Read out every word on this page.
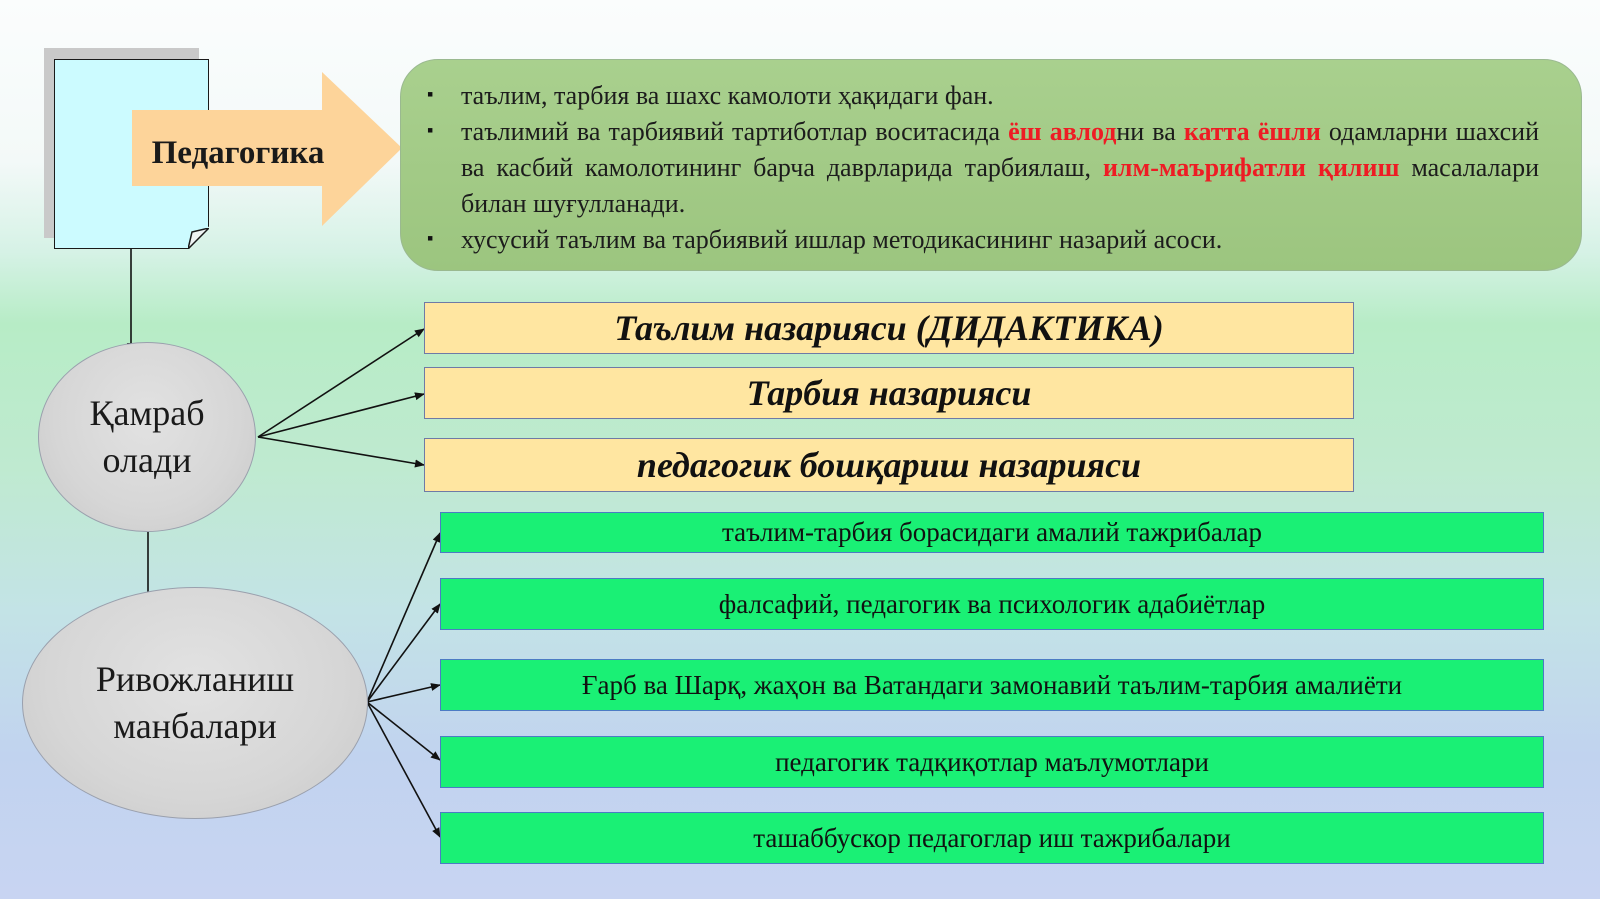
Педагогика
▪ таълим, тарбия ва шахс камолоти ҳақидаги фан.
▪ таълимий ва тарбиявий тартиботлар воситасида ёш авлодни ва катта ёшли одамларни шахсий ва касбий камолотининг барча даврларида тарбиялаш, илм-маърифатли қилиш масалалари билан шуғулланади.
▪ хусусий таълим ва тарбиявий ишлар методикасининг назарий асоси.
Қамраб олади
Ривожланиш манбалари
Таълим назарияси (ДИДАКТИКА)
Тарбия назарияси
педагогик бошқариш назарияси
таълим-тарбия борасидаги амалий тажрибалар
фалсафий, педагогик ва психологик адабиётлар
Ғарб ва Шарқ, жаҳон ва Ватандаги замонавий таълим-тарбия амалиёти
педагогик тадқиқотлар маълумотлари
ташаббускор педагоглар иш тажрибалари
